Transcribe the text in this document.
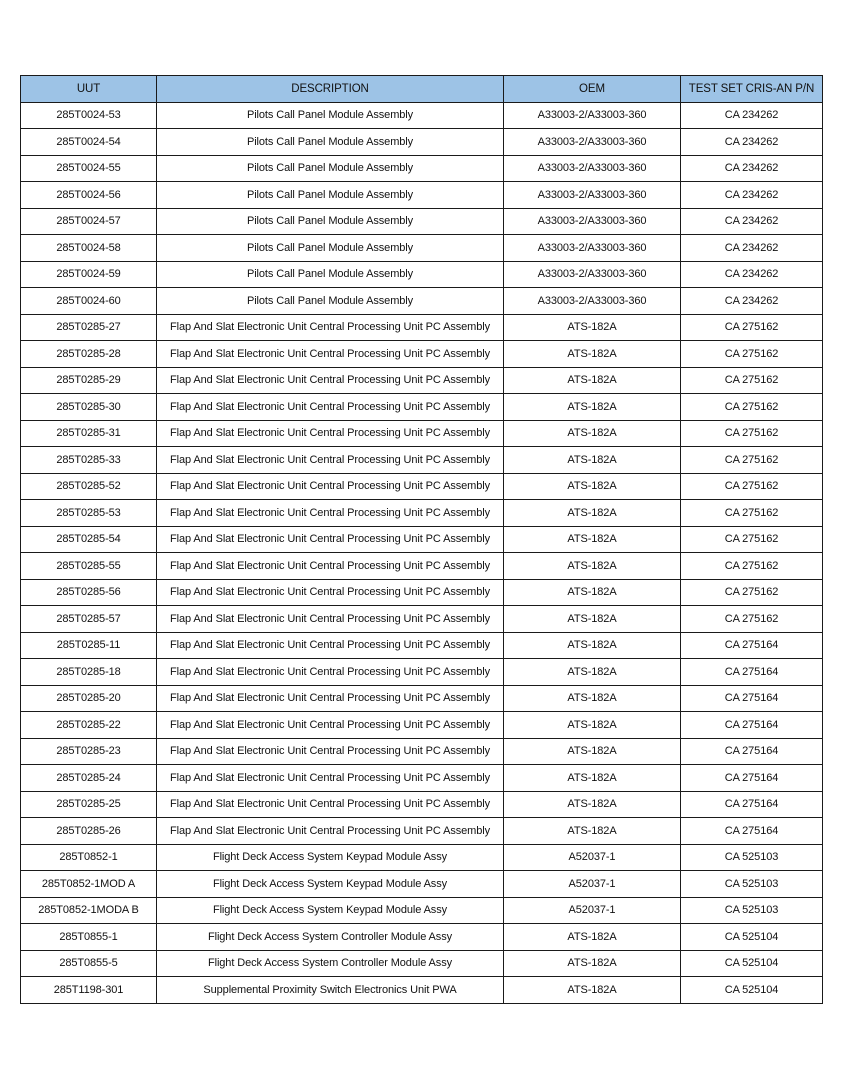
UUT	DESCRIPTION	OEM	TEST SET CRIS-AN P/N
285T0024-53	Pilots Call Panel Module Assembly	A33003-2/A33003-360	CA 234262
285T0024-54	Pilots Call Panel Module Assembly	A33003-2/A33003-360	CA 234262
285T0024-55	Pilots Call Panel Module Assembly	A33003-2/A33003-360	CA 234262
285T0024-56	Pilots Call Panel Module Assembly	A33003-2/A33003-360	CA 234262
285T0024-57	Pilots Call Panel Module Assembly	A33003-2/A33003-360	CA 234262
285T0024-58	Pilots Call Panel Module Assembly	A33003-2/A33003-360	CA 234262
285T0024-59	Pilots Call Panel Module Assembly	A33003-2/A33003-360	CA 234262
285T0024-60	Pilots Call Panel Module Assembly	A33003-2/A33003-360	CA 234262
285T0285-27	Flap And Slat Electronic Unit Central Processing Unit PC Assembly	ATS-182A	CA 275162
285T0285-28	Flap And Slat Electronic Unit Central Processing Unit PC Assembly	ATS-182A	CA 275162
285T0285-29	Flap And Slat Electronic Unit Central Processing Unit PC Assembly	ATS-182A	CA 275162
285T0285-30	Flap And Slat Electronic Unit Central Processing Unit PC Assembly	ATS-182A	CA 275162
285T0285-31	Flap And Slat Electronic Unit Central Processing Unit PC Assembly	ATS-182A	CA 275162
285T0285-33	Flap And Slat Electronic Unit Central Processing Unit PC Assembly	ATS-182A	CA 275162
285T0285-52	Flap And Slat Electronic Unit Central Processing Unit PC Assembly	ATS-182A	CA 275162
285T0285-53	Flap And Slat Electronic Unit Central Processing Unit PC Assembly	ATS-182A	CA 275162
285T0285-54	Flap And Slat Electronic Unit Central Processing Unit PC Assembly	ATS-182A	CA 275162
285T0285-55	Flap And Slat Electronic Unit Central Processing Unit PC Assembly	ATS-182A	CA 275162
285T0285-56	Flap And Slat Electronic Unit Central Processing Unit PC Assembly	ATS-182A	CA 275162
285T0285-57	Flap And Slat Electronic Unit Central Processing Unit PC Assembly	ATS-182A	CA 275162
285T0285-11	Flap And Slat Electronic Unit Central Processing Unit PC Assembly	ATS-182A	CA 275164
285T0285-18	Flap And Slat Electronic Unit Central Processing Unit PC Assembly	ATS-182A	CA 275164
285T0285-20	Flap And Slat Electronic Unit Central Processing Unit PC Assembly	ATS-182A	CA 275164
285T0285-22	Flap And Slat Electronic Unit Central Processing Unit PC Assembly	ATS-182A	CA 275164
285T0285-23	Flap And Slat Electronic Unit Central Processing Unit PC Assembly	ATS-182A	CA 275164
285T0285-24	Flap And Slat Electronic Unit Central Processing Unit PC Assembly	ATS-182A	CA 275164
285T0285-25	Flap And Slat Electronic Unit Central Processing Unit PC Assembly	ATS-182A	CA 275164
285T0285-26	Flap And Slat Electronic Unit Central Processing Unit PC Assembly	ATS-182A	CA 275164
285T0852-1	Flight Deck Access System Keypad Module Assy	A52037-1	CA 525103
285T0852-1MOD A	Flight Deck Access System Keypad Module Assy	A52037-1	CA 525103
285T0852-1MODA B	Flight Deck Access System Keypad Module Assy	A52037-1	CA 525103
285T0855-1	Flight Deck Access System Controller Module Assy	ATS-182A	CA 525104
285T0855-5	Flight Deck Access System Controller Module Assy	ATS-182A	CA 525104
285T1198-301	Supplemental Proximity Switch Electronics Unit PWA	ATS-182A	CA 525104
